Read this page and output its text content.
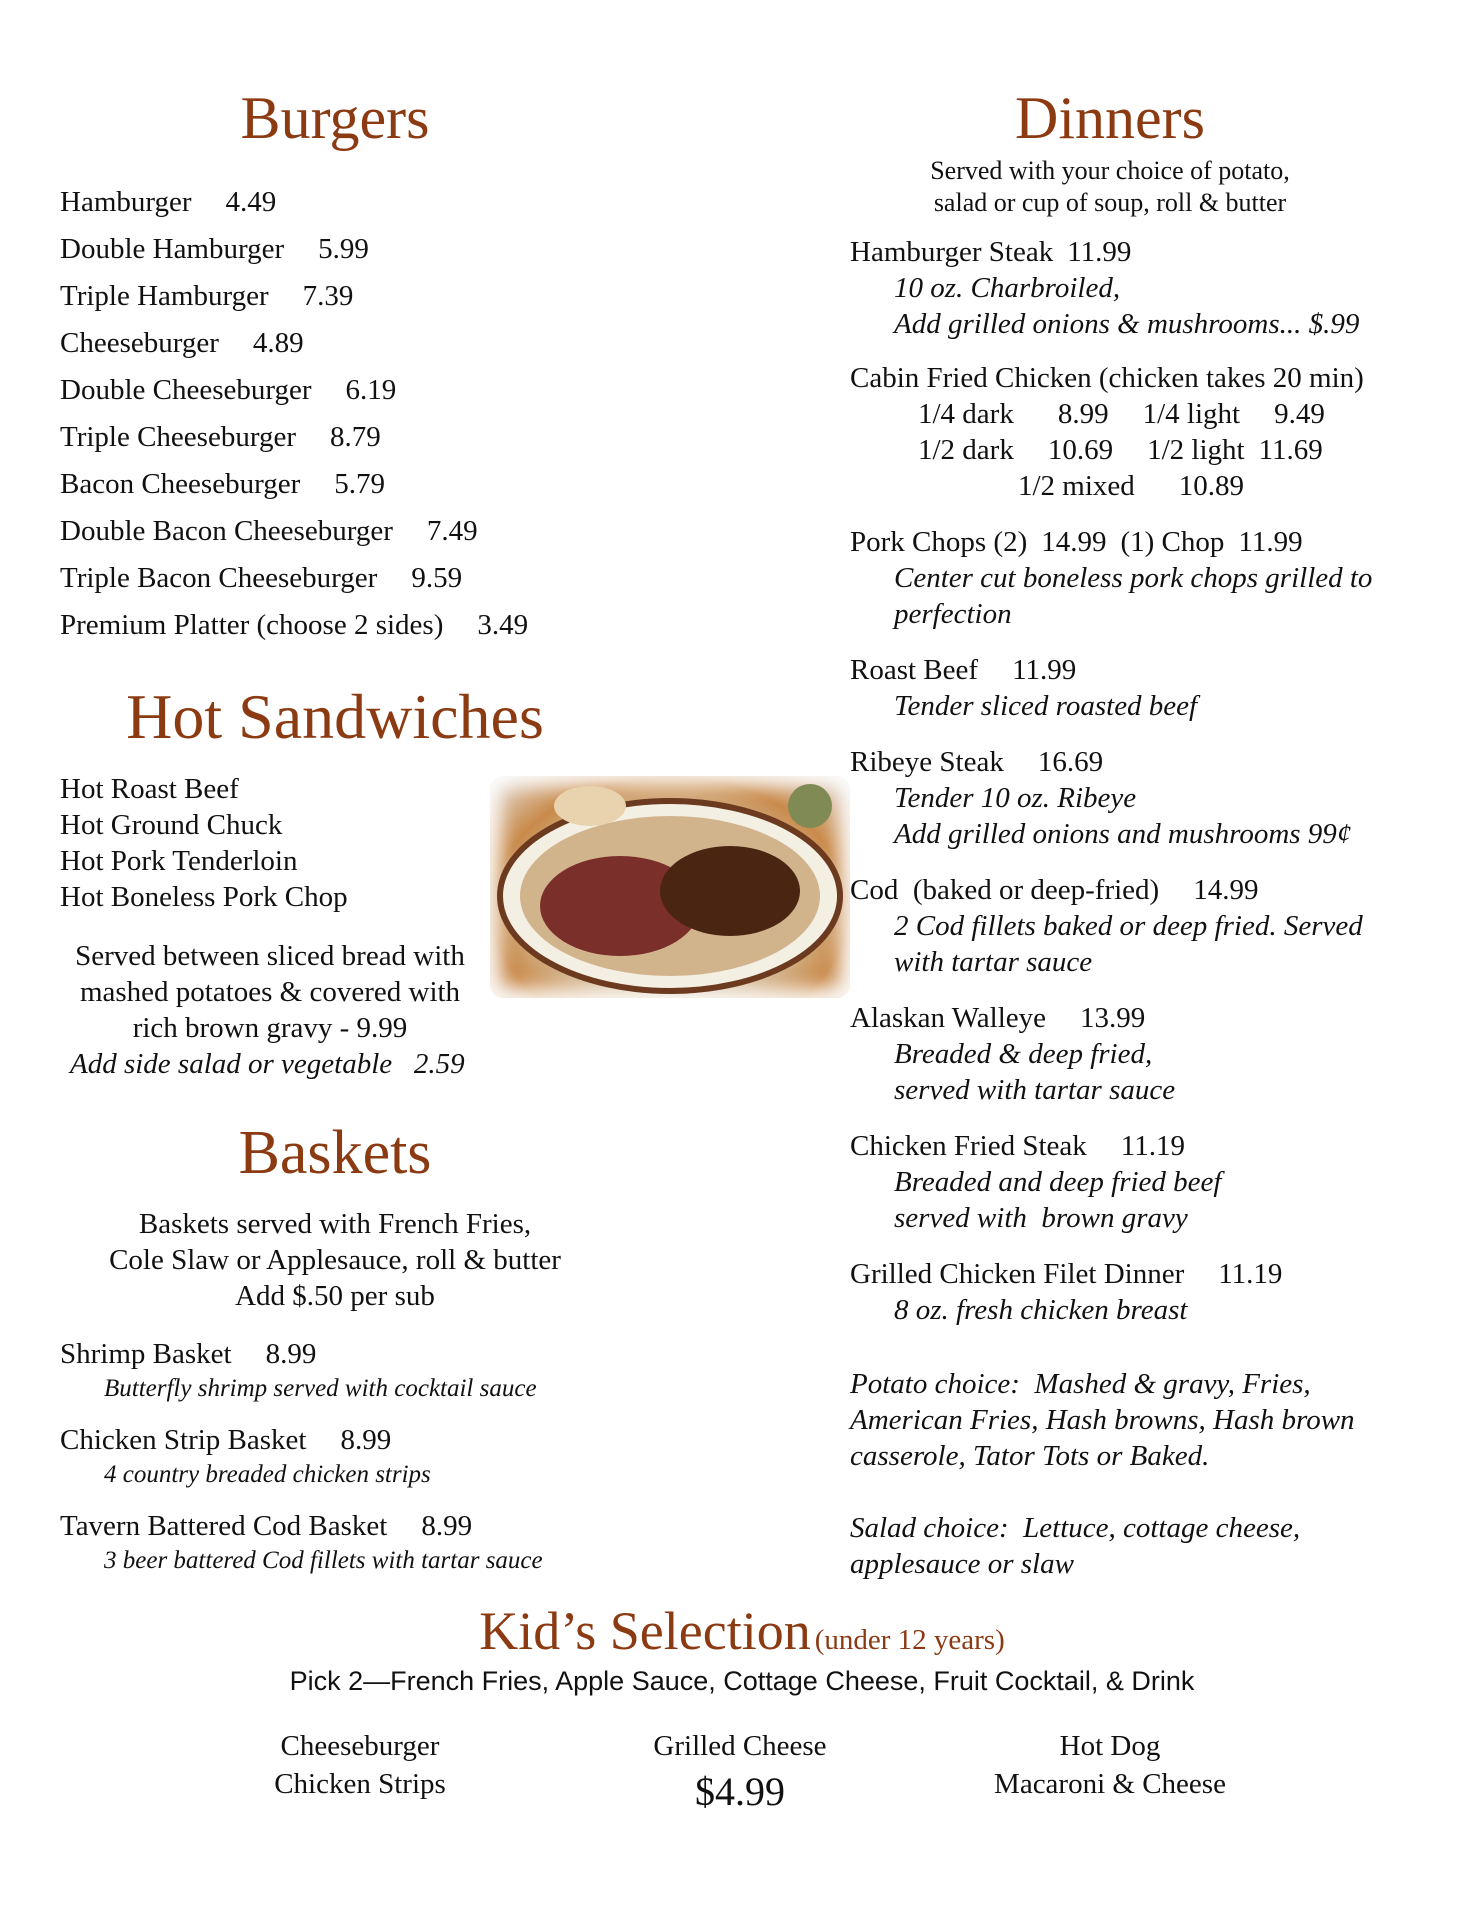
Burgers
Hamburger 4.49
Double Hamburger 5.99
Triple Hamburger 7.39
Cheeseburger 4.89
Double Cheeseburger 6.19
Triple Cheeseburger 8.79
Bacon Cheeseburger 5.79
Double Bacon Cheeseburger 7.49
Triple Bacon Cheeseburger 9.59
Premium Platter (choose 2 sides) 3.49
Hot Sandwiches
Hot Roast Beef
Hot Ground Chuck
Hot Pork Tenderloin
Hot Boneless Pork Chop
Served between sliced bread with
mashed potatoes & covered with
rich brown gravy - 9.99
Add side salad or vegetable   2.59
Baskets
Baskets served with French Fries,
Cole Slaw or Applesauce, roll & butter
Add $.50 per sub
Shrimp Basket 8.99
Butterfly shrimp served with cocktail sauce
Chicken Strip Basket 8.99
4 country breaded chicken strips
Tavern Battered Cod Basket 8.99
3 beer battered Cod fillets with tartar sauce
Dinners
Served with your choice of potato,
salad or cup of soup, roll & butter
Hamburger Steak 11.99
10 oz. Charbroiled,
Add grilled onions & mushrooms... $.99
Cabin Fried Chicken (chicken takes 20 min)
1/4 dark 8.99 1/4 light 9.49
1/2 dark 10.69 1/2 light 11.69
1/2 mixed 10.89
Pork Chops (2) 14.99 (1) Chop 11.99
Center cut boneless pork chops grilled to
perfection
Roast Beef 11.99
Tender sliced roasted beef
Ribeye Steak 16.69
Tender 10 oz. Ribeye
Add grilled onions and mushrooms 99¢
Cod  (baked or deep-fried) 14.99
2 Cod fillets baked or deep fried. Served
with tartar sauce
Alaskan Walleye 13.99
Breaded & deep fried,
served with tartar sauce
Chicken Fried Steak 11.19
Breaded and deep fried beef
served with  brown gravy
Grilled Chicken Filet Dinner 11.19
8 oz. fresh chicken breast
Potato choice:  Mashed & gravy, Fries,
American Fries, Hash browns, Hash brown
casserole, Tator Tots or Baked.
Salad choice:  Lettuce, cottage cheese,
applesauce or slaw
Kid’s Selection (under 12 years)
Pick 2—French Fries, Apple Sauce, Cottage Cheese, Fruit Cocktail, & Drink
Cheeseburger
Chicken Strips
Grilled Cheese
$4.99
Hot Dog
Macaroni & Cheese
